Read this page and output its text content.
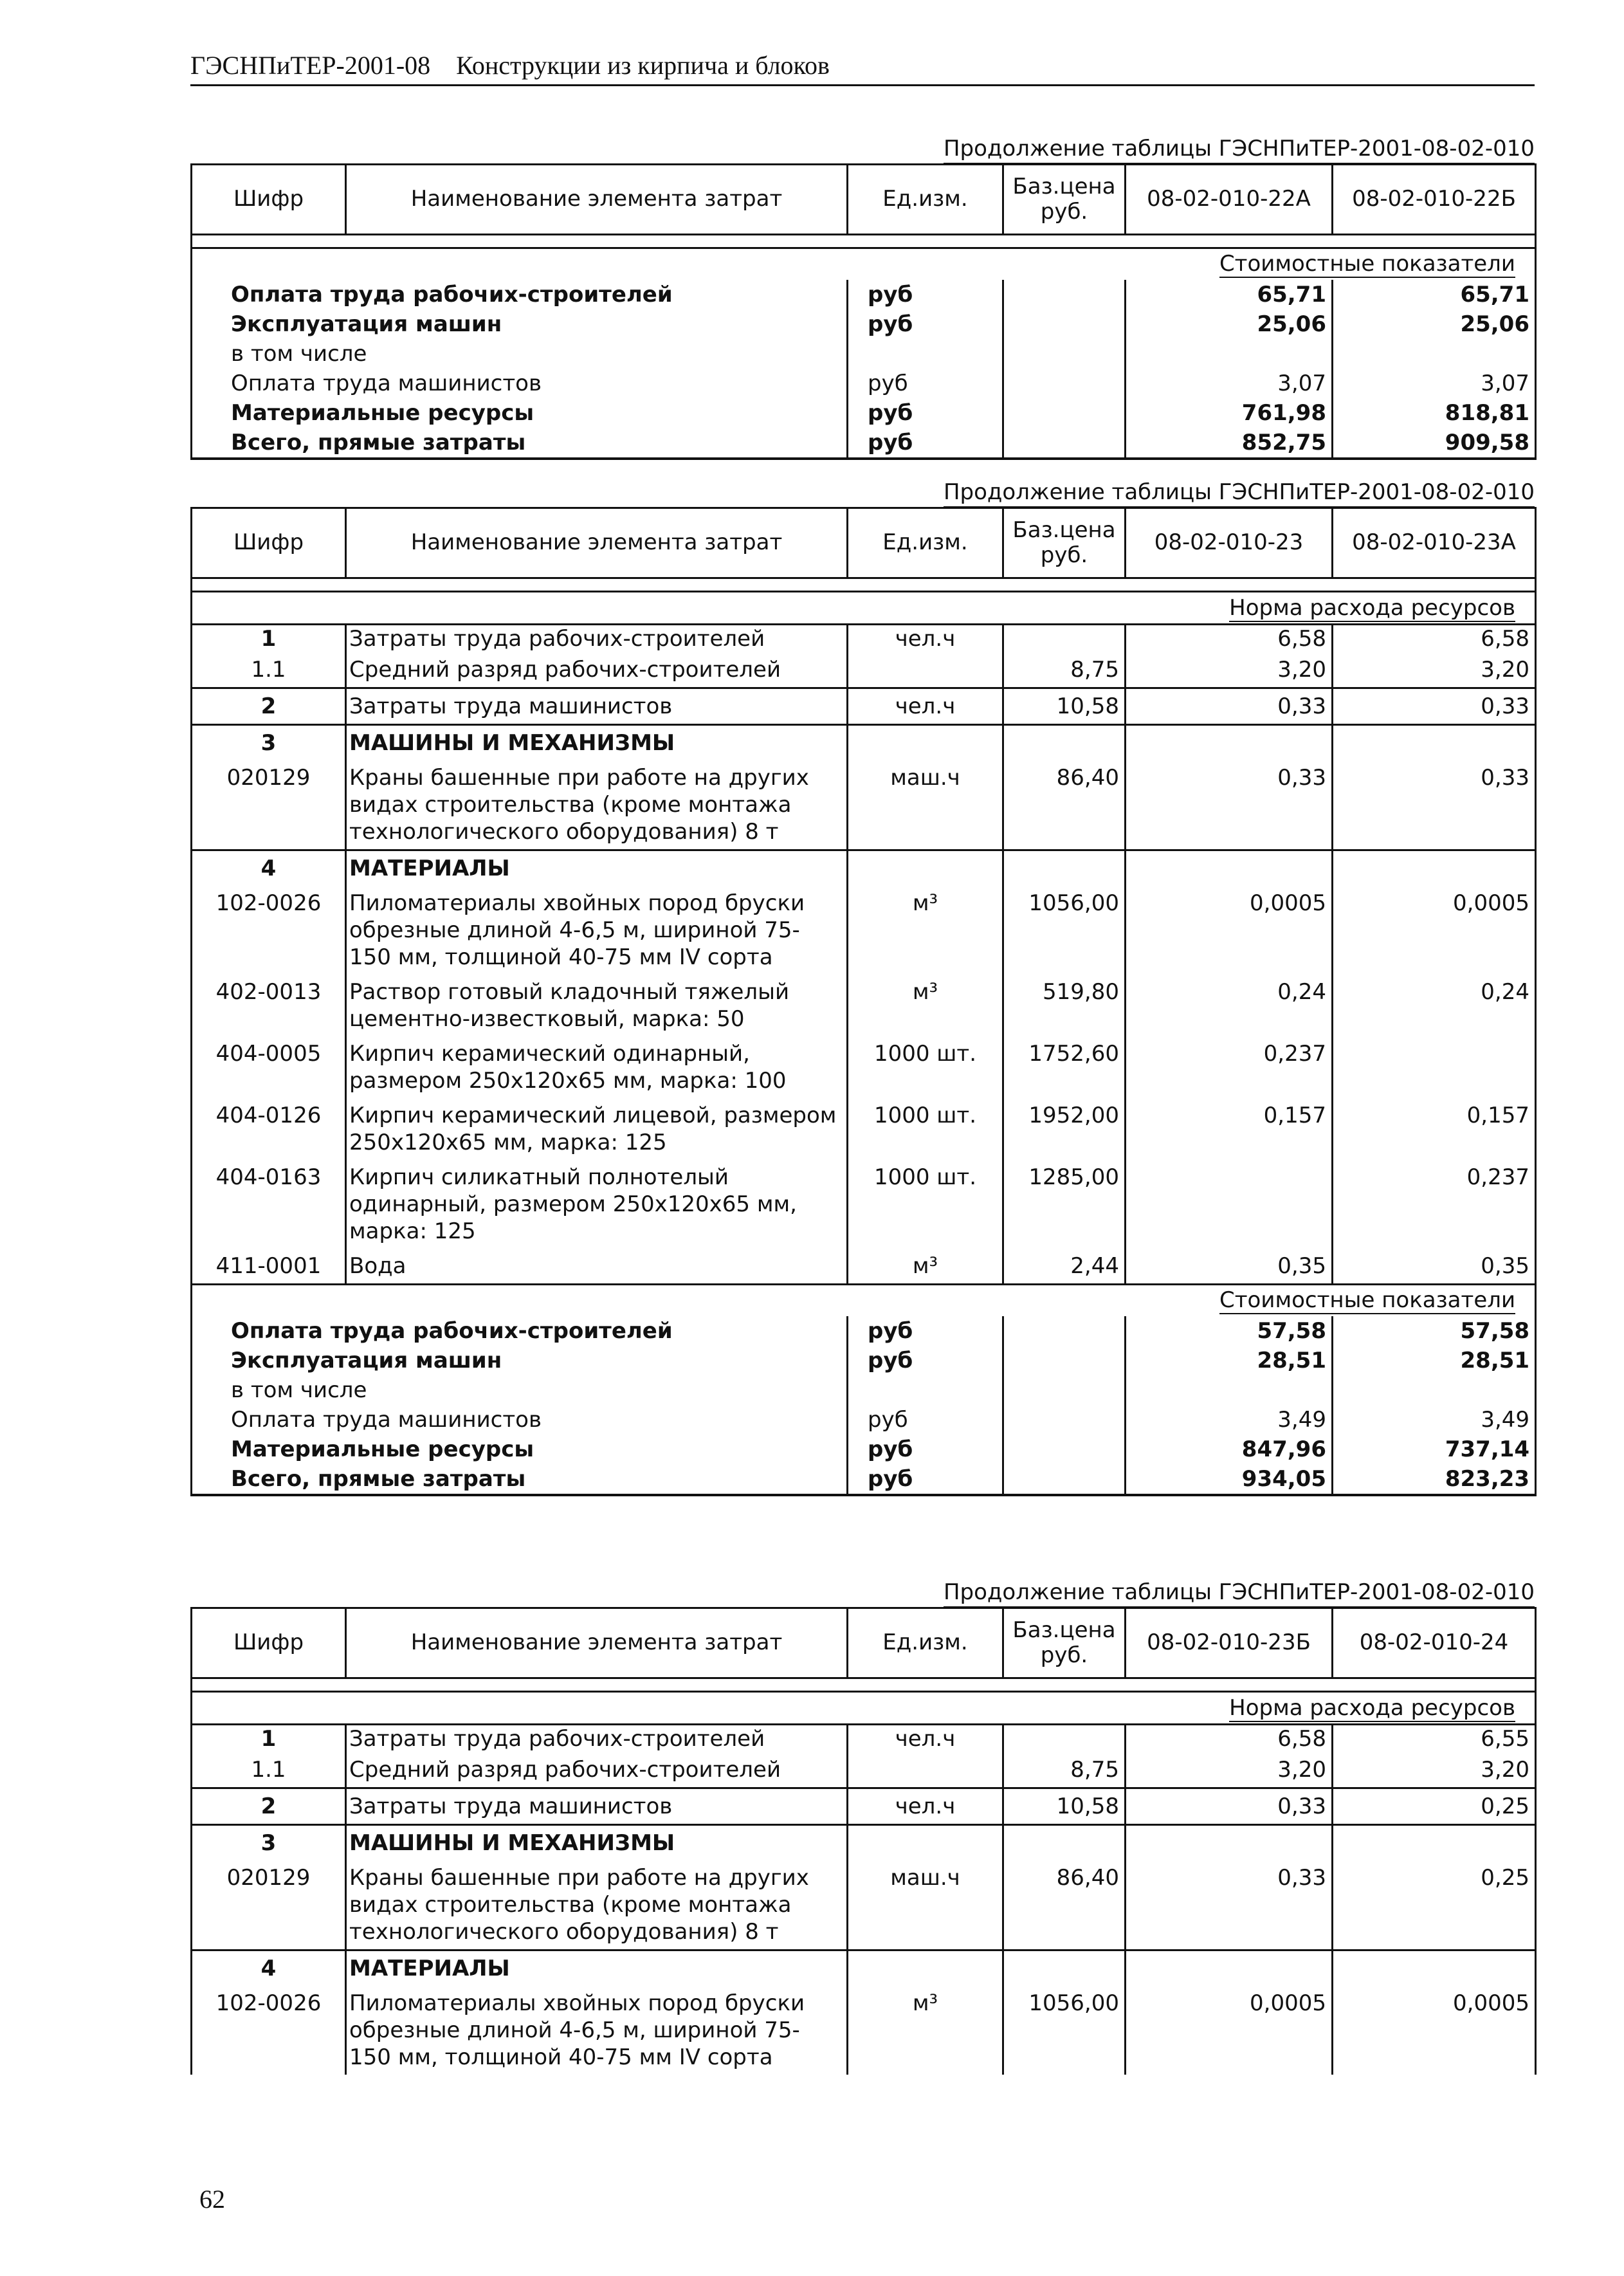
ГЭСНПиТЕР-2001-08 Конструкции из кирпича и блоков
Продолжение таблицы ГЭСНПиТЕР-2001-08-02-010
Шифр	Наименование элемента затрат	Ед.изм.	Баз.цена руб.	08-02-010-22А	08-02-010-22Б

Стоимостные показатели					
Оплата труда рабочих-строителей		руб		65,71	65,71
Эксплуатация машин		руб		25,06	25,06
в том числе					
Оплата труда машинистов		руб		3,07	3,07
Материальные ресурсы		руб		761,98	818,81
Всего, прямые затраты		руб		852,75	909,58
Продолжение таблицы ГЭСНПиТЕР-2001-08-02-010
Шифр	Наименование элемента затрат	Ед.изм.	Баз.цена руб.	08-02-010-23	08-02-010-23А

Норма расхода ресурсов					
1	Затраты труда рабочих-строителей	чел.ч		6,58	6,58
1.1	Средний разряд рабочих-строителей		8,75	3,20	3,20
2	Затраты труда машинистов	чел.ч	10,58	0,33	0,33
3	МАШИНЫ И МЕХАНИЗМЫ				
020129	Краны башенные при работе на других видах строительства (кроме монтажа технологического оборудования) 8 т	маш.ч	86,40	0,33	0,33
4	МАТЕРИАЛЫ				
102-0026	Пиломатериалы хвойных пород бруски обрезные длиной 4-6,5 м, шириной 75-150 мм, толщиной 40-75 мм IV сорта	м³	1056,00	0,0005	0,0005
402-0013	Раствор готовый кладочный тяжелый цементно-известковый, марка: 50	м³	519,80	0,24	0,24
404-0005	Кирпич керамический одинарный, размером 250x120x65 мм, марка: 100	1000 шт.	1752,60	0,237	
404-0126	Кирпич керамический лицевой, размером 250x120x65 мм, марка: 125	1000 шт.	1952,00	0,157	0,157
404-0163	Кирпич силикатный полнотелый одинарный, размером 250x120x65 мм, марка: 125	1000 шт.	1285,00		0,237
411-0001	Вода	м³	2,44	0,35	0,35
Стоимостные показатели				
Оплата труда рабочих-строителей	руб		57,58	57,58
Эксплуатация машин	руб		28,51	28,51
в том числе				
Оплата труда машинистов	руб		3,49	3,49
Материальные ресурсы	руб		847,96	737,14
Всего, прямые затраты	руб		934,05	823,23
Продолжение таблицы ГЭСНПиТЕР-2001-08-02-010
Шифр	Наименование элемента затрат	Ед.изм.	Баз.цена руб.	08-02-010-23Б	08-02-010-24

Норма расхода ресурсов					
1	Затраты труда рабочих-строителей	чел.ч		6,58	6,55
1.1	Средний разряд рабочих-строителей		8,75	3,20	3,20
2	Затраты труда машинистов	чел.ч	10,58	0,33	0,25
3	МАШИНЫ И МЕХАНИЗМЫ				
020129	Краны башенные при работе на других видах строительства (кроме монтажа технологического оборудования) 8 т	маш.ч	86,40	0,33	0,25
4	МАТЕРИАЛЫ				
102-0026	Пиломатериалы хвойных пород бруски обрезные длиной 4-6,5 м, шириной 75-150 мм, толщиной 40-75 мм IV сорта	м³	1056,00	0,0005	0,0005
62
